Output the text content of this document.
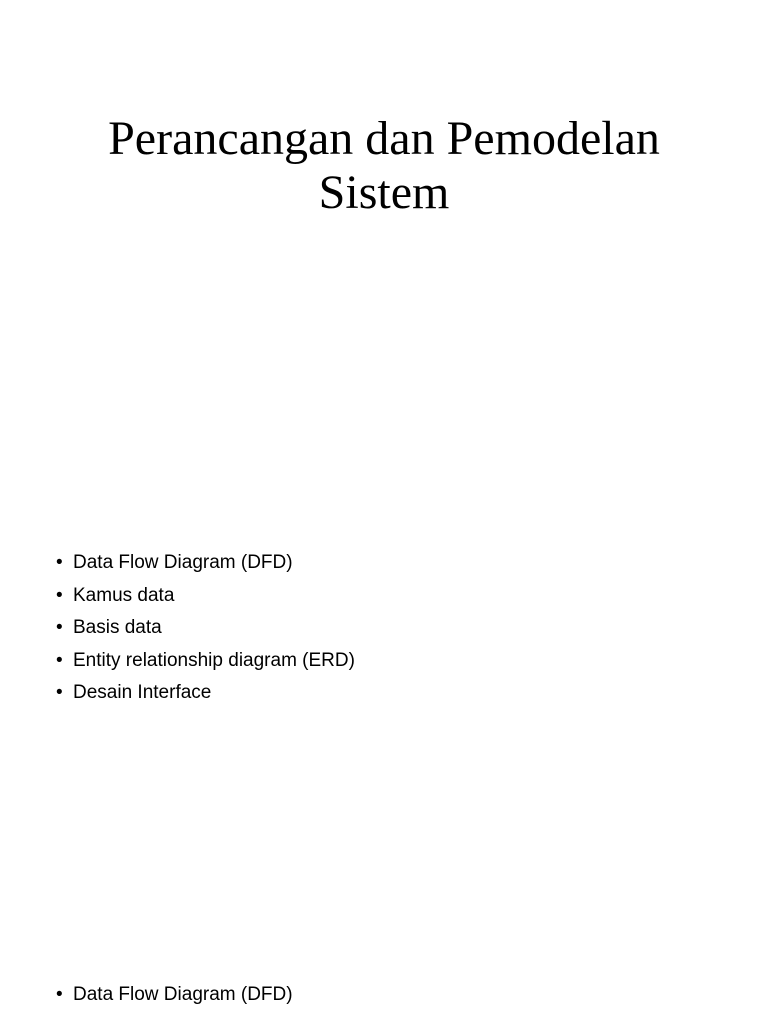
Perancangan dan Pemodelan
Sistem
• Data Flow Diagram (DFD)
• Kamus data
• Basis data
• Entity relationship diagram (ERD)
• Desain Interface
• Data Flow Diagram (DFD)
